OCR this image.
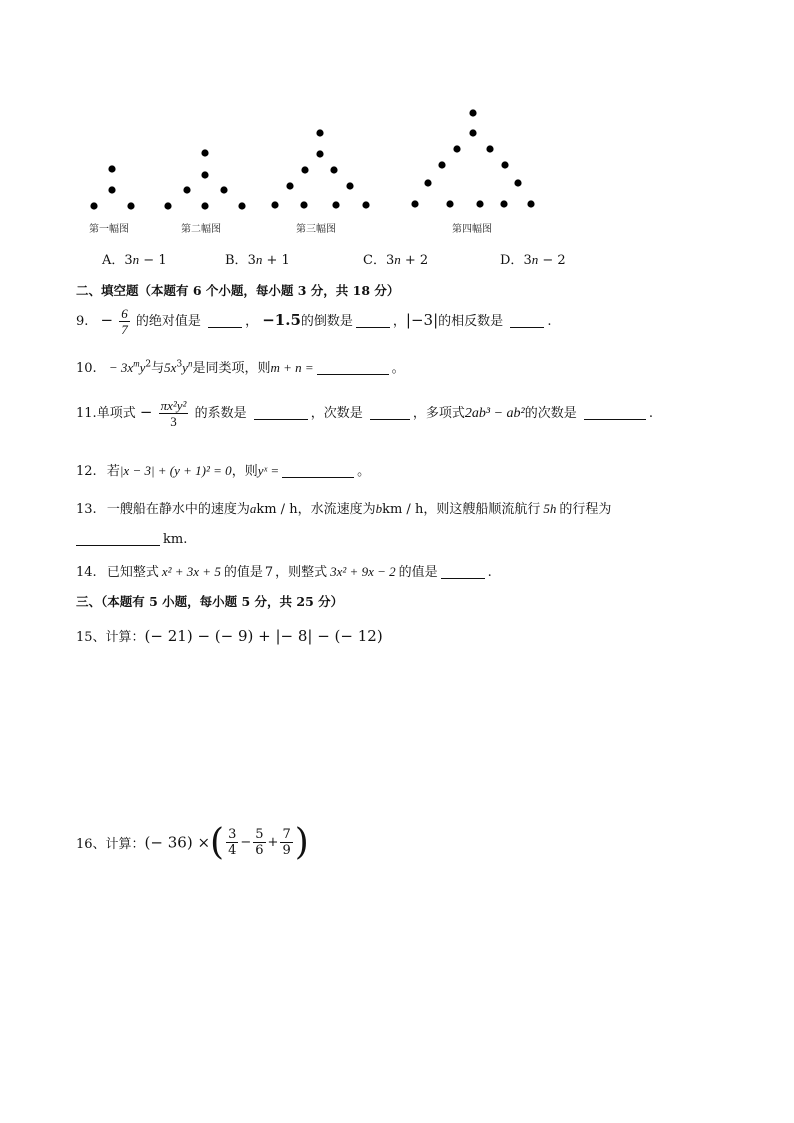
第一幅图	第二幅图	第三幅图	第四幅图
A．3n − 1	B．3n + 1	C．3n + 2	D．3n − 2
二、填空题（本题有 6 个小题，每小题 3 分，共 18 分）
9. − $\frac{6}{7}$ 的绝对值是	， −1.5的倒数是	，|−3|的相反数是	.
10. − $3x^my^2$与$5x^3y^n$是同类项，则m + n =	。
11.单项式 − $\frac{\text{πx²y²}}{3}$ 的系数是	，次数是	，多项式2ab³ − ab²的次数是	.
12. 若|x − 3| + (y + 1)² = 0，则yˣ =	。
13. 一艘船在静水中的速度为akm / h，水流速度为bkm / h，则这艘船顺流航行 5h 的行程为
km.
14. 已知整式 x² + 3x + 5 的值是 7 ，则整式 3x² + 9x − 2 的值是	.
三、（本题有 5 小题，每小题 5 分，共 25 分）
15、计算：(− 21) − (− 9) + |− 8| − (− 12)
16、计算：(− 36) ×( $\frac{3}{4} - \frac{5}{6} + \frac{7}{9}$ )
